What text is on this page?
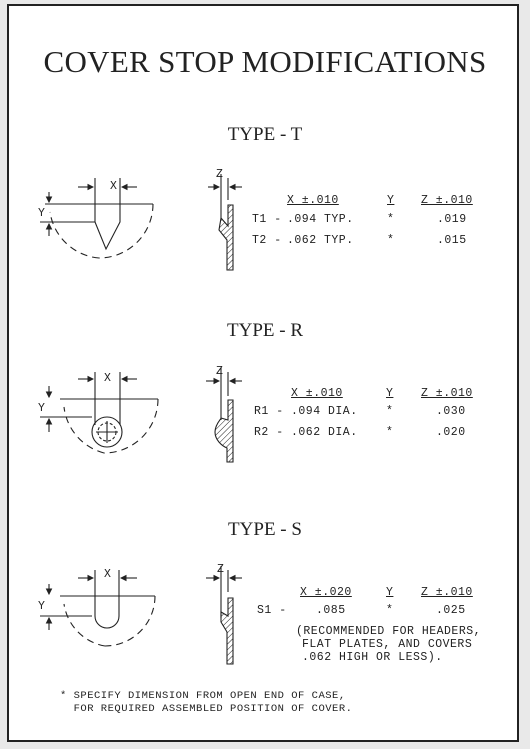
COVER STOP MODIFICATIONS
TYPE - T
X
Y
Z
X ±.010	Y Z ±.010
T1 - .094 TYP.	*	.019
T2 - .062 TYP.	*	.015
TYPE - R
X
Y
Z
X ±.010	Y Z ±.010
R1 - .094 DIA. *	.030
R2 - .062 DIA. *	.020
TYPE - S
X
Y
Z
X ±.020	Y Z ±.010
S1 -	.085	*	.025
(RECOMMENDED FOR HEADERS,
FLAT PLATES, AND COVERS
.062 HIGH OR LESS).
* SPECIFY DIMENSION FROM OPEN END OF CASE,
FOR REQUIRED ASSEMBLED POSITION OF COVER.
